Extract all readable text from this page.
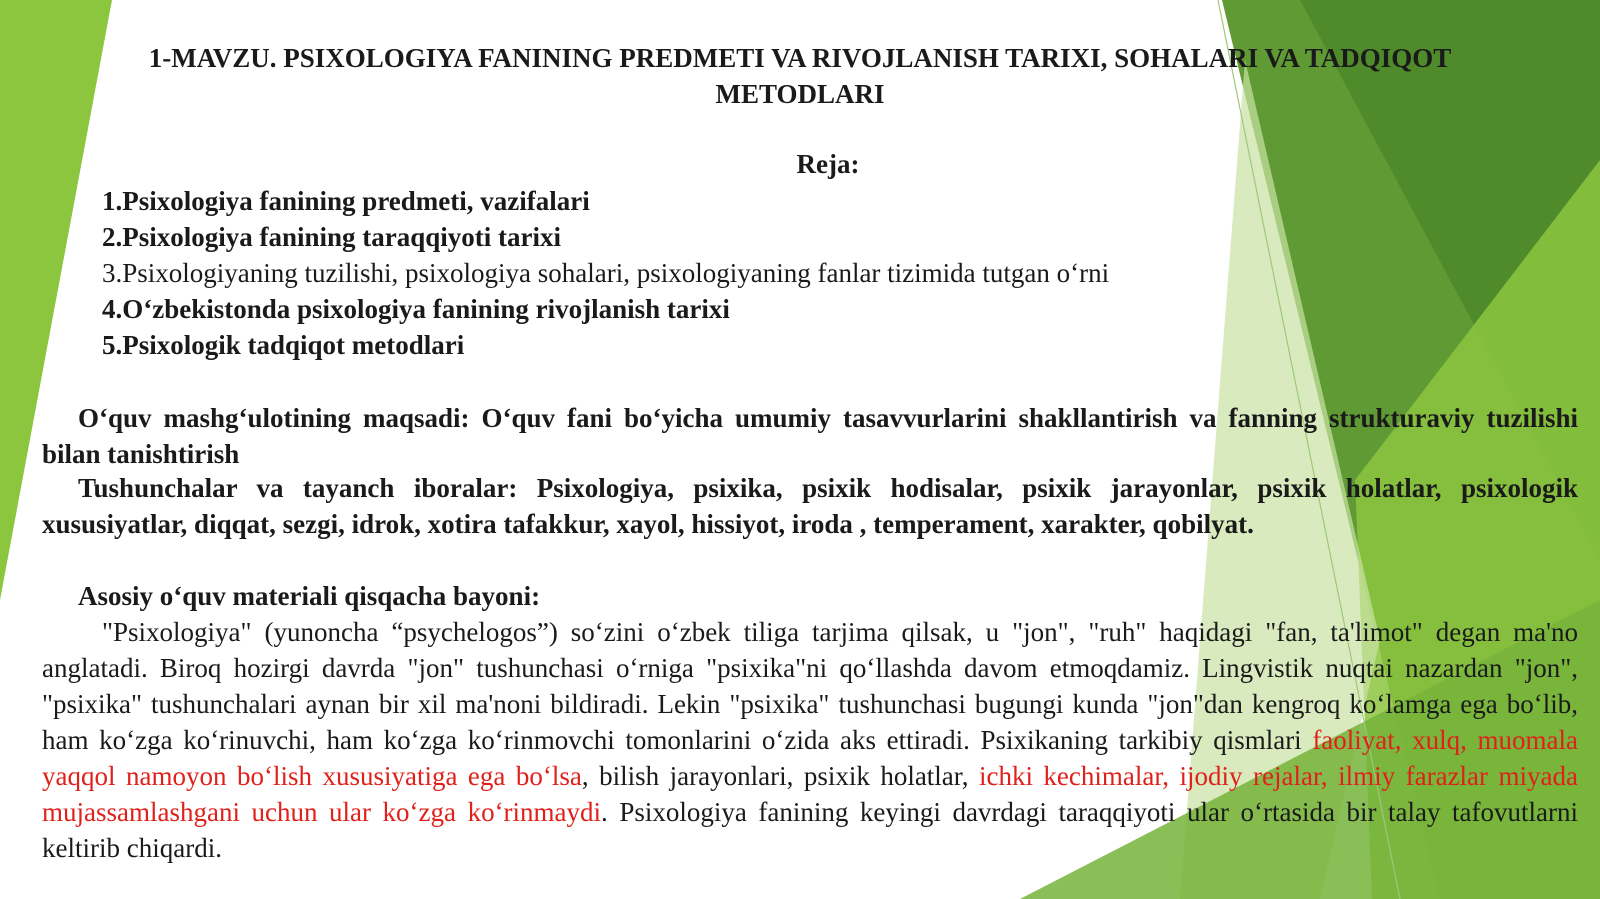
1-MAVZU. PSIXOLOGIYA FANINING PREDMETI VA RIVOJLANISH TARIXI, SOHALARI VA TADQIQOT METODLARI
Reja:
1.Psixologiya fanining predmeti, vazifalari
2.Psixologiya fanining taraqqiyoti tarixi
3.Psixologiyaning tuzilishi, psixologiya sohalari, psixologiyaning fanlar tizimida tutgan o‘rni
4.O‘zbekistonda psixologiya fanining rivojlanish tarixi
5.Psixologik tadqiqot metodlari

O‘quv mashg‘ulotining maqsadi: O‘quv fani bo‘yicha umumiy tasavvurlarini shakllantirish va fanning strukturaviy tuzilishi bilan tanishtirish

Tushunchalar va tayanch iboralar: Psixologiya, psixika, psixik hodisalar, psixik jarayonlar, psixik holatlar, psixologik xususiyatlar, diqqat, sezgi, idrok, xotira tafakkur, xayol, hissiyot, iroda , temperament, xarakter, qobilyat.

Asosiy o‘quv materiali qisqacha bayoni:

"Psixologiya" (yunoncha “psychelogos”) so‘zini o‘zbek tiliga tarjima qilsak, u "jon", "ruh" haqidagi "fan, ta'limot" degan ma'no anglatadi. Biroq hozirgi davrda "jon" tushunchasi o‘rniga "psixika"ni qo‘llashda davom etmoqdamiz. Lingvistik nuqtai nazardan "jon", "psixika" tushunchalari aynan bir xil ma'noni bildiradi. Lekin "psixika" tushunchasi bugungi kunda "jon"dan kengroq ko‘lamga ega bo‘lib, ham ko‘zga ko‘rinuvchi, ham ko‘zga ko‘rinmovchi tomonlarini o‘zida aks ettiradi. Psixikaning tarkibiy qismlari faoliyat, xulq, muomala yaqqol namoyon bo‘lish xususiyatiga ega bo‘lsa, bilish jarayonlari, psixik holatlar, ichki kechimalar, ijodiy rejalar, ilmiy farazlar miyada mujassamlashgani uchun ular ko‘zga ko‘rinmaydi. Psixologiya fanining keyingi davrdagi taraqqiyoti ular o‘rtasida bir talay tafovutlarni keltirib chiqardi.
